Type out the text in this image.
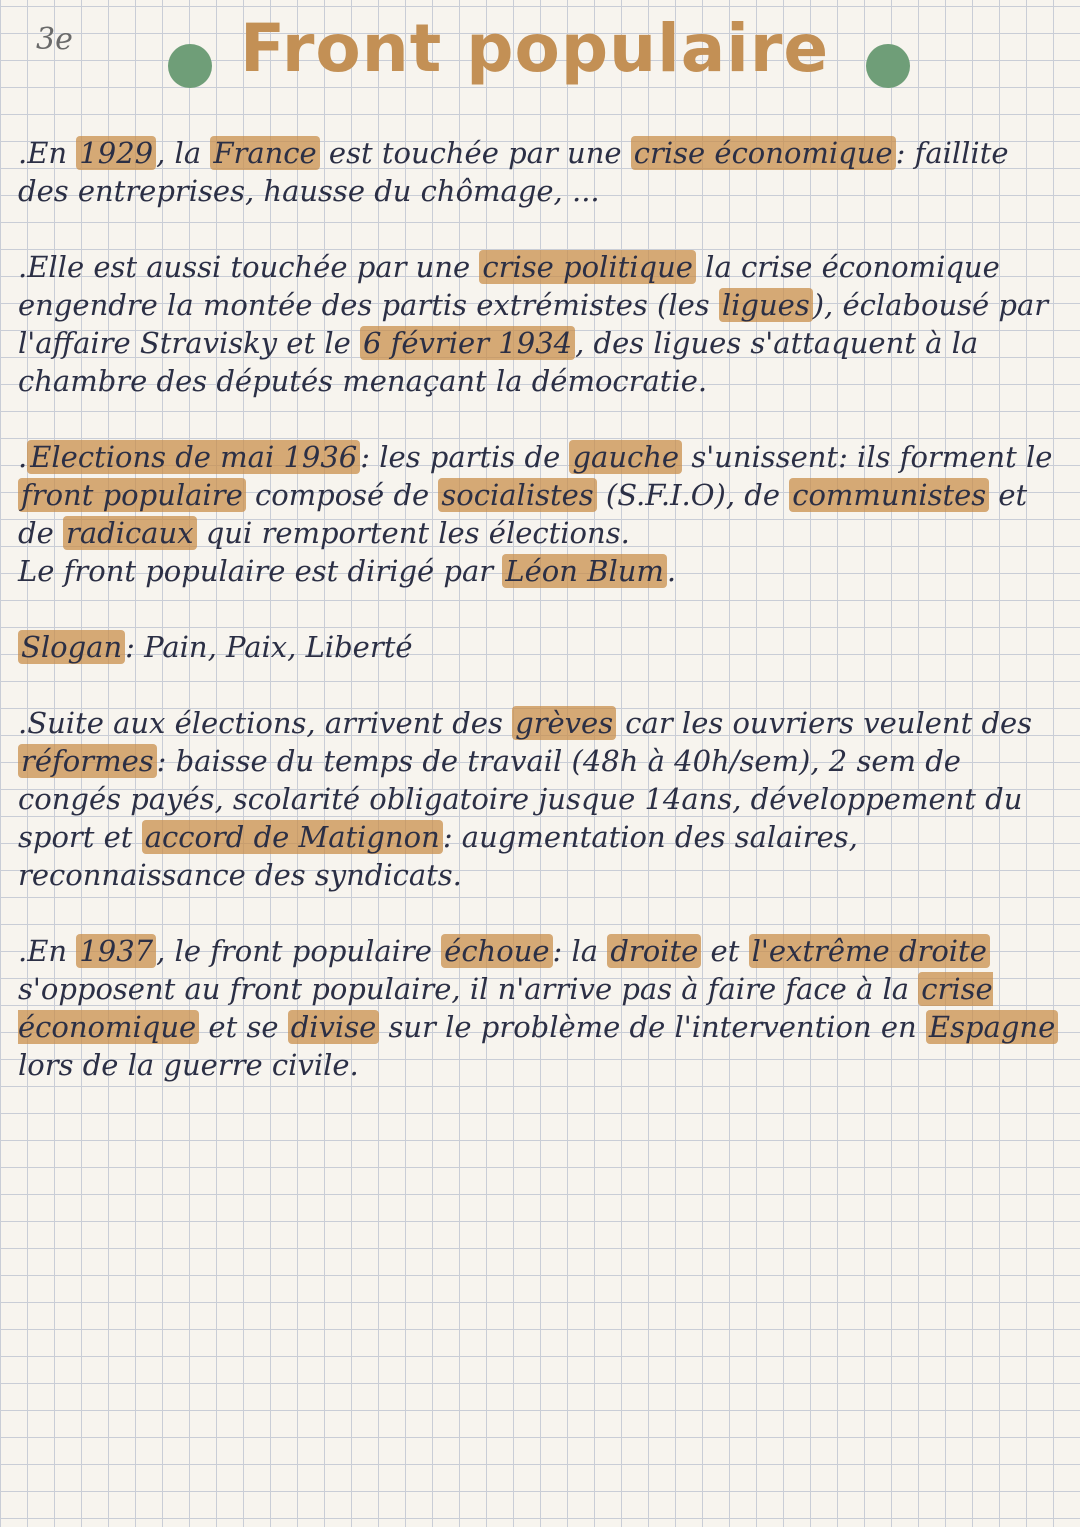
3e	Front populaire

.En 1929 , la France est touchée par une crise économique : faillite des entreprises, hausse du chômage, ...

.Elle est aussi touchée par une crise politique la crise économique engendre la montée des partis extrémistes (les ligues ), éclabousé par l'affaire Stravisky et le 6 février 1934 , des ligues s'attaquent à la chambre des députés menaçant la démocratie.

. Elections de mai 1936 : les partis de gauche s'unissent: ils forment le front populaire composé de socialistes (S.F.I.O), de communistes et de radicaux qui remportent les élections.

Le front populaire est dirigé par Léon Blum .

Slogan : Pain, Paix, Liberté

.Suite aux élections, arrivent des grèves car les ouvriers veulent des réformes : baisse du temps de travail (48h à 40h/sem), 2 sem de congés payés, scolarité obligatoire jusque 14ans, développement du sport et accord de Matignon : augmentation des salaires, reconnaissance des syndicats.

.En 1937 , le front populaire échoue : la droite et l'extrême droite s'opposent au front populaire, il n'arrive pas à faire face à la crise économique et se divise sur le problème de l'intervention en Espagne lors de la guerre civile.
